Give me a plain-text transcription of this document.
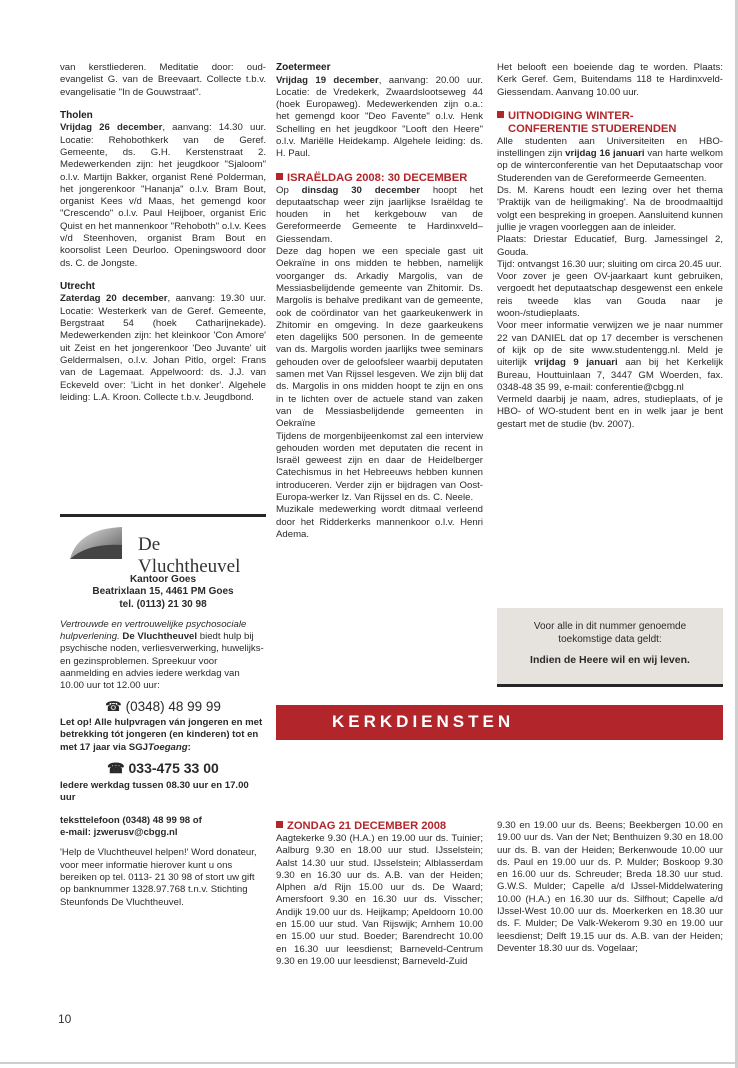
van kerstliederen. Meditatie door: oud-evangelist G. van de Breevaart. Collecte t.b.v. evangelisatie "In de Gouwstraat".

Tholen

Vrijdag 26 december, aanvang: 14.30 uur. Locatie: Rehobothkerk van de Geref. Gemeente, ds. G.H. Kerstenstraat 2. Medewerkenden zijn: het jeugdkoor "Sjaloom" o.l.v. Martijn Bakker, organist René Polderman, het jongerenkoor "Hananja" o.l.v. Bram Bout, organist Kees v/d Maas, het gemengd koor "Crescendo" o.l.v. Paul Heijboer, organist Eric Quist en het mannenkoor "Rehoboth" o.l.v. Kees v/d Steenhoven, organist Bram Bout en koorsolist Leen Deurloo. Openingswoord door ds. C. de Jongste.

Utrecht

Zaterdag 20 december, aanvang: 19.30 uur. Locatie: Westerkerk van de Geref. Gemeente, Bergstraat 54 (hoek Catharijnekade). Medewerkenden zijn: het kleinkoor 'Con Amore' uit Zeist en het jongerenkoor 'Deo Juvante' uit Geldermalsen, o.l.v. Johan Pitlo, orgel: Frans van de Lagemaat. Appelwoord: ds. J.J. van Eckeveld over: 'Licht in het donker'. Algehele leiding: L.A. Kroon. Collecte t.b.v. Jeugdbond.

De Vluchtheuvel

Kantoor Goes

Beatrixlaan 15, 4461 PM Goes

tel. (0113) 21 30 98

Vertrouwde en vertrouwelijke psychosociale hulpverlening. De Vluchtheuvel biedt hulp bij psychische noden, verliesverwerking, huwelijks- en gezinsproblemen. Spreekuur voor aanmelding en advies iedere werkdag van 10.00 uur tot 12.00 uur:

☎ (0348) 48 99 99

Let op! Alle hulpvragen ván jongeren en met betrekking tót jongeren (en kinderen) tot en met 17 jaar via SGJToegang:

☎ 033-475 33 00

Iedere werkdag tussen 08.30 uur en 17.00 uur

teksttelefoon (0348) 48 99 98 of

e-mail: jzwerusv@cbgg.nl

'Help de Vluchtheuvel helpen!' Word donateur, voor meer informatie hierover kunt u ons bereiken op tel. 0113- 21 30 98 of stort uw gift op banknummer 1328.97.768 t.n.v. Stichting Steunfonds De Vluchtheuvel.

Zoetermeer

Vrijdag 19 december, aanvang: 20.00 uur. Locatie: de Vredekerk, Zwaardslootseweg 44 (hoek Europaweg). Medewerkenden zijn o.a.: het gemengd koor "Deo Favente" o.l.v. Henk Schelling en het jeugdkoor "Looft den Heere" o.l.v. Mariëlle Heidekamp. Algehele leiding: ds. H. Paul.

ISRAËLDAG 2008: 30 DECEMBER

Op dinsdag 30 december hoopt het deputaatschap weer zijn jaarlijkse Israëldag te houden in het kerkgebouw van de Gereformeerde Gemeente te Hardinxveld–Giessendam.

Deze dag hopen we een speciale gast uit Oekraïne in ons midden te hebben, namelijk voorganger ds. Arkadiy Margolis, van de Messiasbelijdende gemeente van Zhitomir. Ds. Margolis is behalve predikant van de gemeente, ook de coördinator van het gaarkeukenwerk in Zhitomir en omgeving. In deze gaarkeukens eten dagelijks 500 personen. In de gemeente van ds. Margolis worden jaarlijks twee seminars gehouden over de geloofsleer waarbij deputaten samen met Van Rijssel lesgeven. We zijn blij dat ds. Margolis in ons midden hoopt te zijn en ons in te lichten over de actuele stand van zaken van de Messiasbelijdende gemeenten in Oekraïne

Tijdens de morgenbijeenkomst zal een interview gehouden worden met deputaten die recent in Israël geweest zijn en daar de Heidelberger Catechismus in het Hebreeuws hebben kunnen introduceren. Verder zijn er bijdragen van Oost-Europa-werker Iz. Van Rijssel en ds. C. Neele.

Muzikale medewerking wordt ditmaal verleend door het Ridderkerks mannenkoor o.l.v. Henri Adema.

Het belooft een boeiende dag te worden. Plaats: Kerk Geref. Gem, Buitendams 118 te Hardinxveld-Giessendam. Aanvang 10.00 uur.

UITNODIGING WINTER-
CONFERENTIE STUDERENDEN

Alle studenten aan Universiteiten en HBO-instellingen zijn vrijdag 16 januari van harte welkom op de winterconferentie van het Deputaatschap voor Studerenden van de Gereformeerde Gemeenten.

Ds. M. Karens houdt een lezing over het thema 'Praktijk van de heiligmaking'. Na de broodmaaltijd volgt een bespreking in groepen. Aansluitend kunnen jullie je vragen voorleggen aan de inleider.

Plaats: Driestar Educatief, Burg. Jamessingel 2, Gouda.

Tijd: ontvangst 16.30 uur; sluiting om circa 20.45 uur.

Voor zover je geen OV-jaarkaart kunt gebruiken, vergoedt het deputaatschap desgewenst een enkele reis tweede klas van Gouda naar je woon-/studieplaats.

Voor meer informatie verwijzen we je naar nummer 22 van DANIEL dat op 17 december is verschenen of kijk op de site www.studentengg.nl. Meld je uiterlijk vrijdag 9 januari aan bij het Kerkelijk Bureau, Houttuinlaan 7, 3447 GM Woerden, fax. 0348-48 35 99, e-mail: conferentie@cbgg.nl

Vermeld daarbij je naam, adres, studieplaats, of je HBO- of WO-student bent en in welk jaar je bent gestart met de studie (bv. 2007).

Voor alle in dit nummer genoemde toekomstige data geldt:
Indien de Heere wil en wij leven.
KERKDIENSTEN
ZONDAG 21 DECEMBER 2008

Aagtekerke 9.30 (H.A.) en 19.00 uur ds. Tuinier; Aalburg 9.30 en 18.00 uur stud. IJsselstein; Aalst 14.30 uur stud. IJsselstein; Alblasserdam 9.30 en 16.30 uur ds. A.B. van der Heiden; Alphen a/d Rijn 15.00 uur ds. De Waard; Amersfoort 9.30 en 16.30 uur ds. Visscher; Andijk 19.00 uur ds. Heijkamp; Apeldoorn 10.00 en 15.00 uur stud. Van Rijswijk; Arnhem 10.00 en 15.00 uur stud. Boeder; Barendrecht 10.00 en 16.30 uur leesdienst; Barneveld-Centrum 9.30 en 19.00 uur leesdienst; Barneveld-Zuid

9.30 en 19.00 uur ds. Beens; Beekbergen 10.00 en 19.00 uur ds. Van der Net; Benthuizen 9.30 en 18.00 uur ds. B. van der Heiden; Berkenwoude 10.00 uur ds. Paul en 19.00 uur ds. P. Mulder; Boskoop 9.30 en 16.00 uur ds. Schreuder; Breda 18.30 uur stud. G.W.S. Mulder; Capelle a/d IJssel-Middelwatering 10.00 (H.A.) en 16.30 uur ds. Silfhout; Capelle a/d IJssel-West 10.00 uur ds. Moerkerken en 18.30 uur ds. F. Mulder; De Valk-Wekerom 9.30 en 19.00 uur leesdienst; Delft 19.15 uur ds. A.B. van der Heiden; Deventer 18.30 uur ds. Vogelaar;

10
